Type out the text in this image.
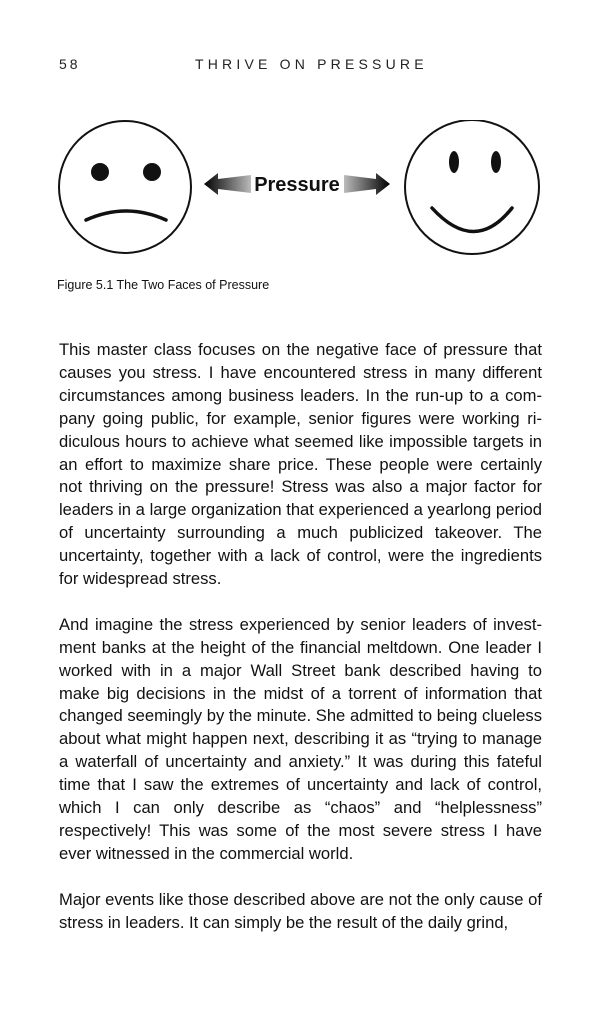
58	THRIVE ON PRESSURE
Pressure
Figure 5.1 The Two Faces of Pressure

This master class focuses on the negative face of pressure that causes you stress. I have encountered stress in many different circumstances among business leaders. In the run-up to a company going public, for example, senior figures were working ridiculous hours to achieve what seemed like impossible targets in an effort to maximize share price. These people were certainly not thriving on the pressure! Stress was also a major factor for leaders in a large organization that experienced a yearlong period of uncertainty surrounding a much publicized takeover. The uncertainty, together with a lack of control, were the ingredients for widespread stress.

And imagine the stress experienced by senior leaders of investment banks at the height of the financial meltdown. One leader I worked with in a major Wall Street bank described having to make big decisions in the midst of a torrent of information that changed seemingly by the minute. She admitted to being clueless about what might happen next, describing it as “trying to manage a waterfall of uncertainty and anxiety.” It was during this fateful time that I saw the extremes of uncertainty and lack of control, which I can only describe as “chaos” and “helplessness” respectively! This was some of the most severe stress I have ever witnessed in the commercial world.

Major events like those described above are not the only cause of stress in leaders. It can simply be the result of the daily grind,
